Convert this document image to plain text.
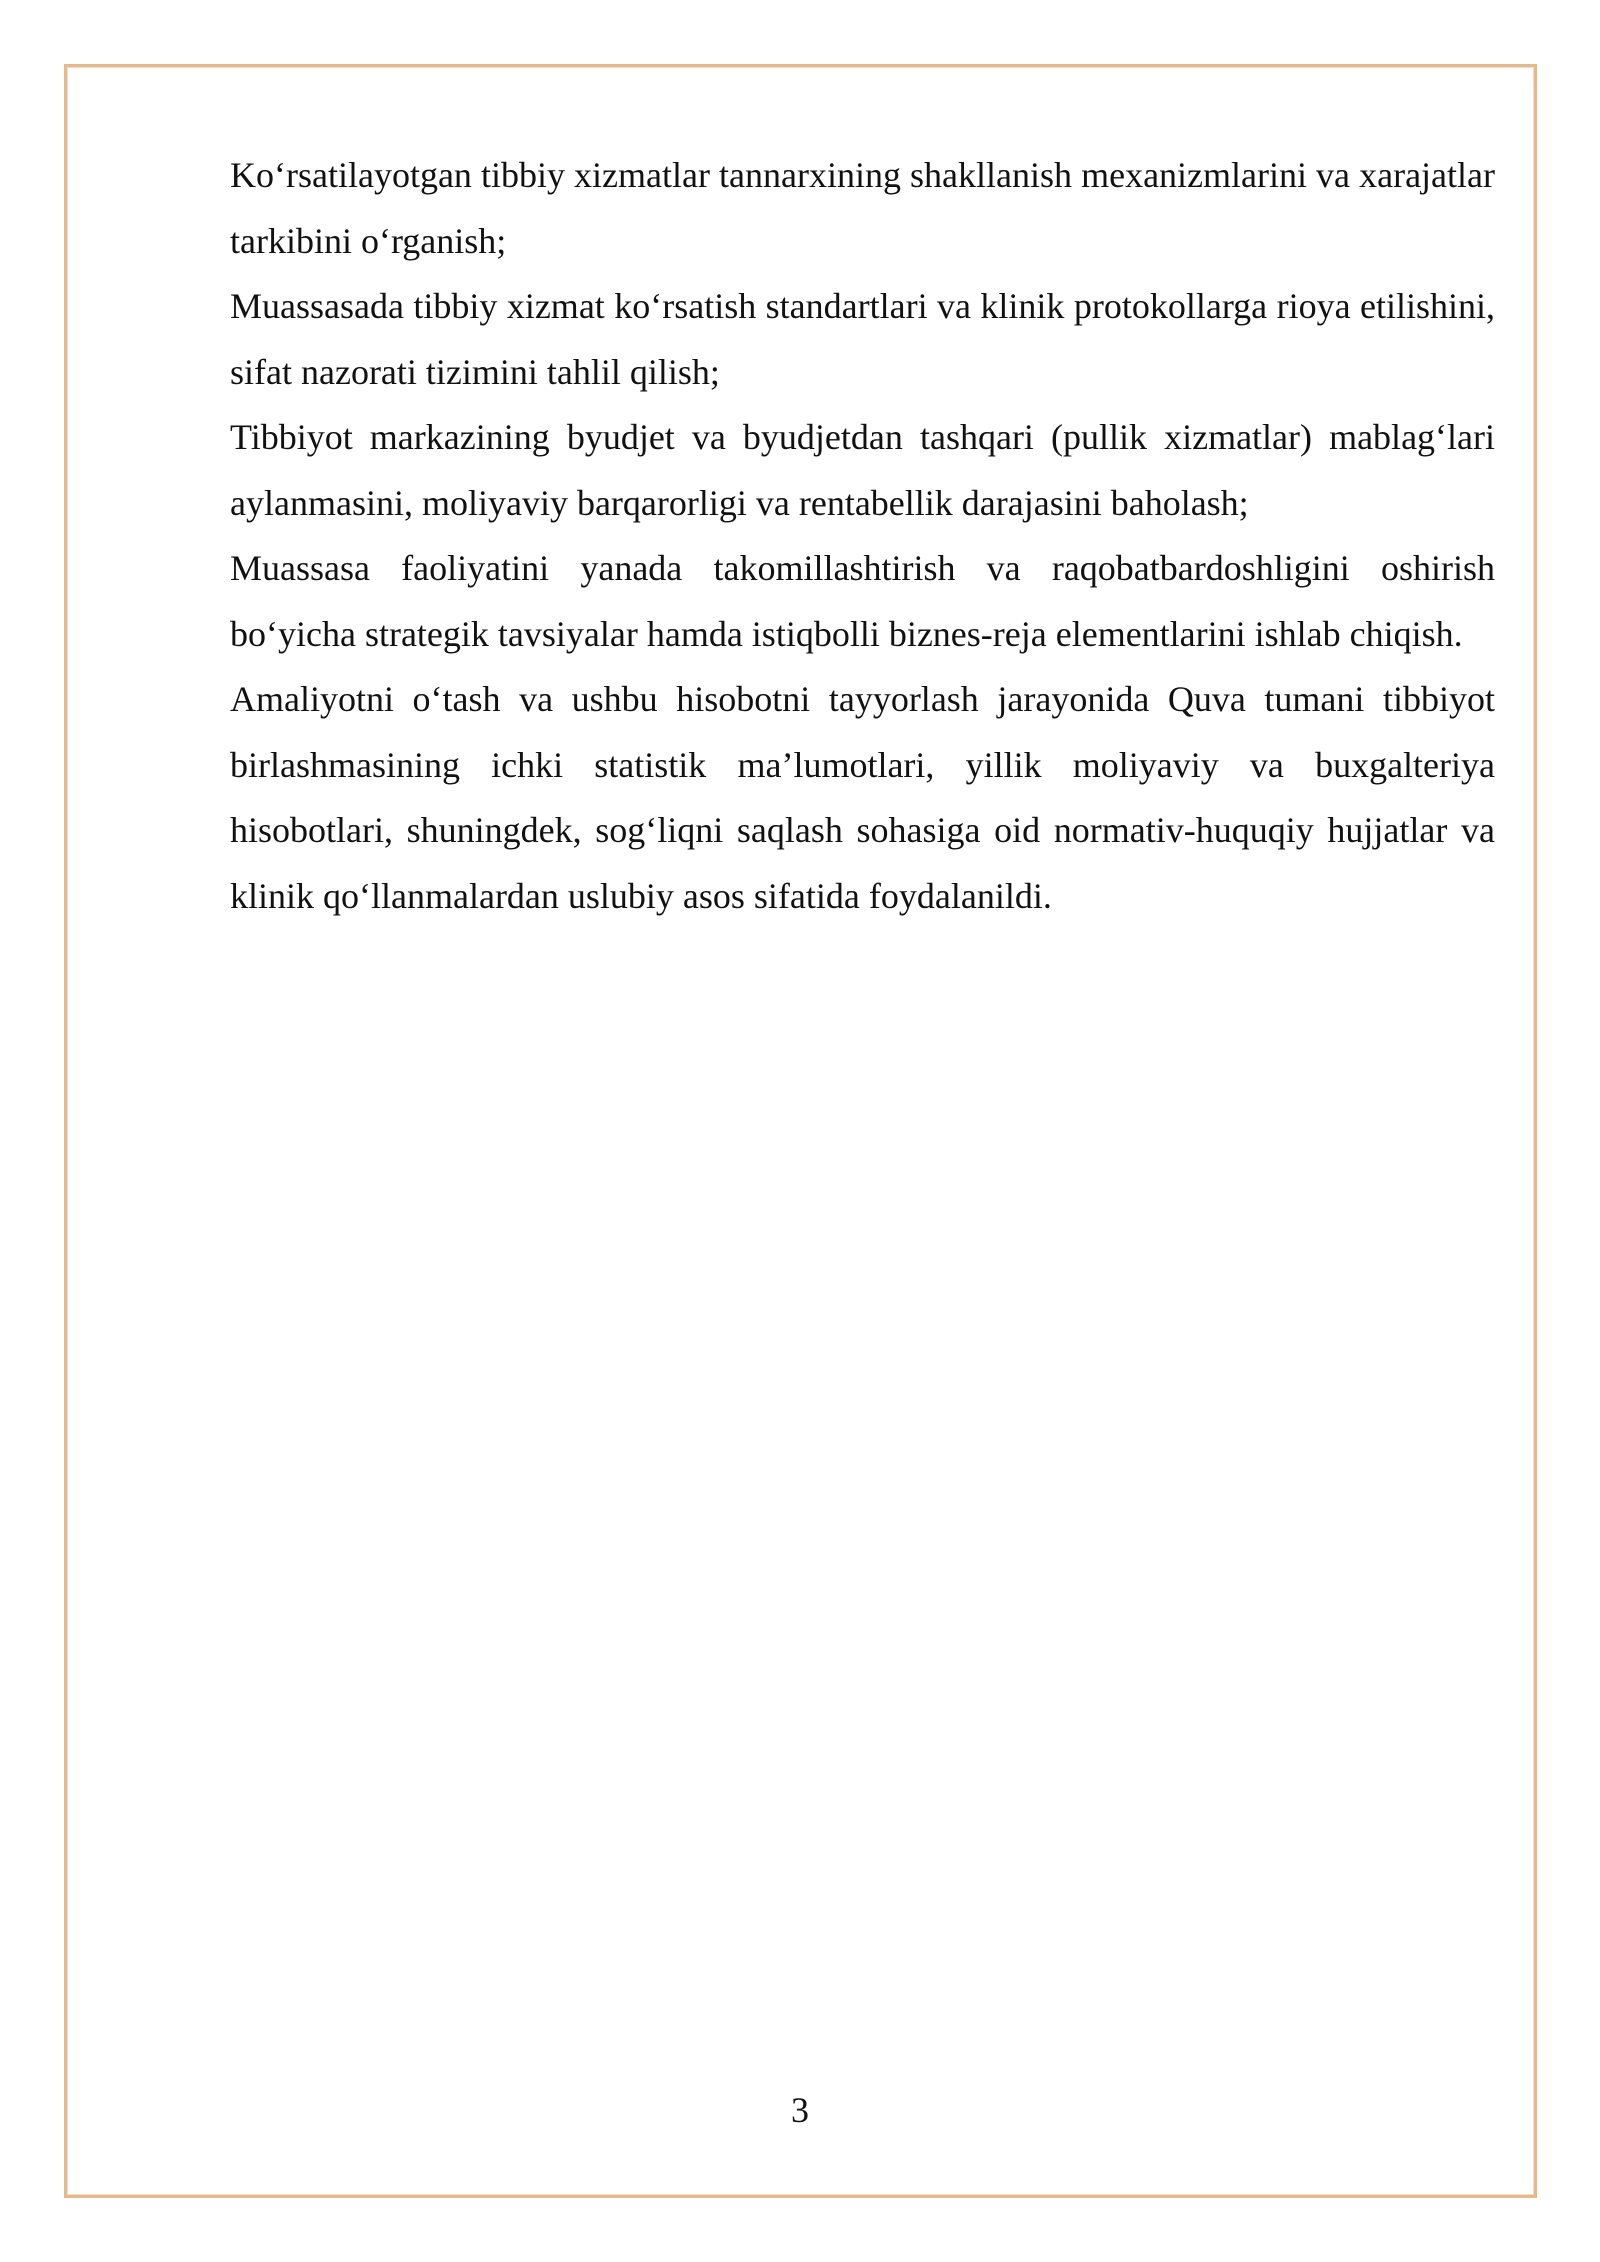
Ko‘rsatilayotgan tibbiy xizmatlar tannarxining shakllanish mexanizmlarini va xarajatlar tarkibini o‘rganish;

Muassasada tibbiy xizmat ko‘rsatish standartlari va klinik protokollarga rioya etilishini, sifat nazorati tizimini tahlil qilish;

Tibbiyot markazining byudjet va byudjetdan tashqari (pullik xizmatlar) mablag‘lari aylanmasini, moliyaviy barqarorligi va rentabellik darajasini baholash;

Muassasa faoliyatini yanada takomillashtirish va raqobatbardoshligini oshirish bo‘yicha strategik tavsiyalar hamda istiqbolli biznes-reja elementlarini ishlab chiqish.

Amaliyotni o‘tash va ushbu hisobotni tayyorlash jarayonida Quva tumani tibbiyot birlashmasining ichki statistik ma’lumotlari, yillik moliyaviy va buxgalteriya hisobotlari, shuningdek, sog‘liqni saqlash sohasiga oid normativ-huquqiy hujjatlar va klinik qo‘llanmalardan uslubiy asos sifatida foydalanildi.

3
